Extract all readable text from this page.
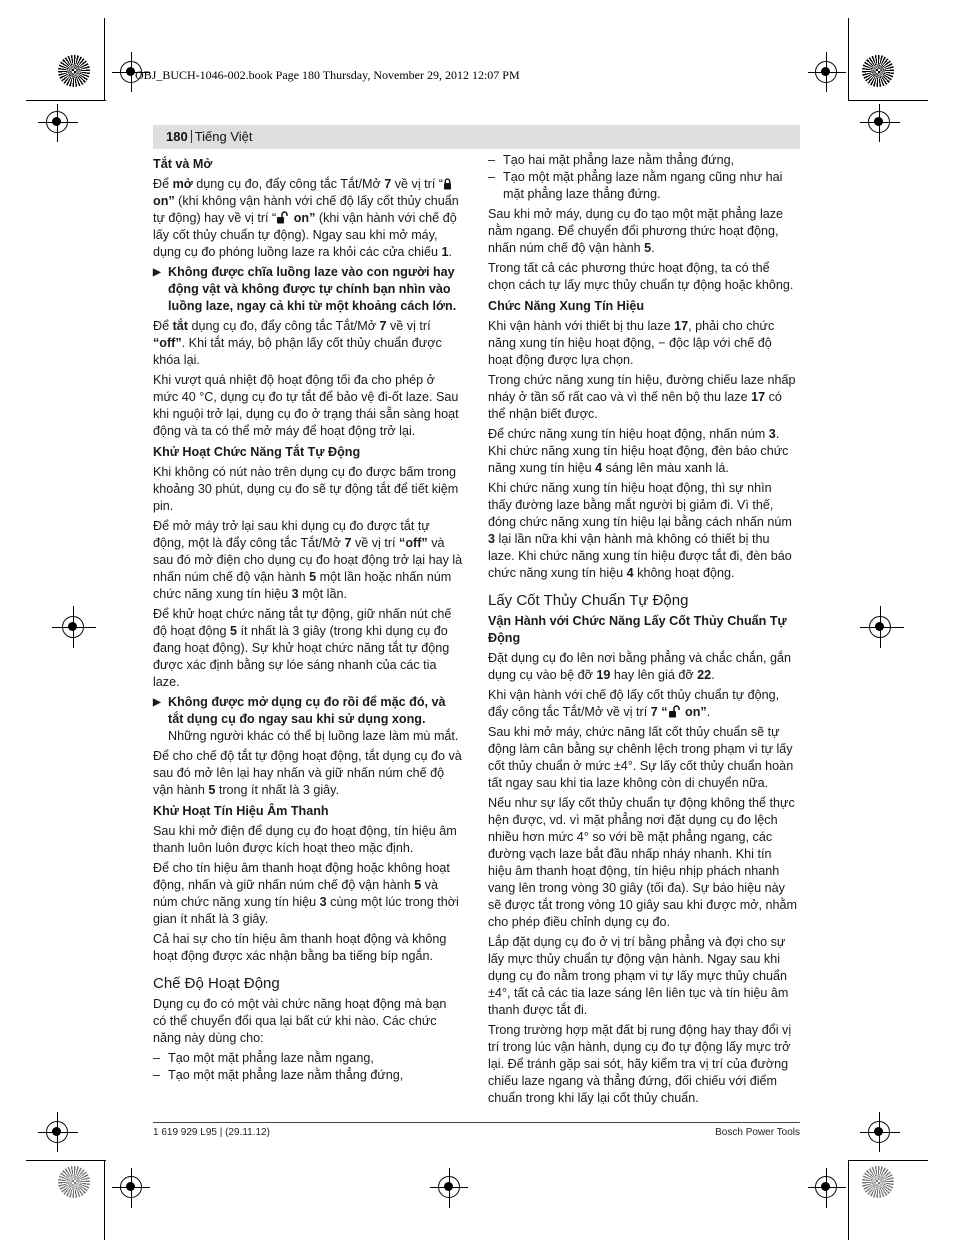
OBJ_BUCH-1046-002.book Page 180 Thursday, November 29, 2012 12:07 PM
180 Tiếng Việt
Tắt và Mở

Để mở dụng cụ đo, đẩy công tắc Tắt/Mở 7 về vị trí “ on” (khi không vận hành với chế độ lấy cốt thủy chuẩn tự động) hay về vị trí “ on” (khi vận hành với chế độ lấy cốt thủy chuẩn tự động). Ngay sau khi mở máy, dụng cụ đo phóng luồng laze ra khỏi các cửa chiếu 1.

▶ Không được chĩa luồng laze vào con người hay động vật và không được tự chính bạn nhìn vào luồng laze, ngay cả khi từ một khoảng cách lớn.

Để tắt dụng cụ đo, đẩy công tắc Tắt/Mở 7 về vị trí “off”. Khi tắt máy, bộ phận lấy cốt thủy chuẩn được khóa lại.

Khi vượt quá nhiệt độ hoạt động tối đa cho phép ở mức 40 °C, dụng cụ đo tự tắt để bảo vệ đi-ốt laze. Sau khi nguội trở lại, dụng cụ đo ở trạng thái sẵn sàng hoạt động và ta có thể mở máy để hoạt động trở lại.

Khử Hoạt Chức Năng Tắt Tự Động

Khi không có nút nào trên dụng cụ đo được bấm trong khoảng 30 phút, dụng cụ đo sẽ tự động tắt để tiết kiệm pin.

Để mở máy trở lại sau khi dụng cụ đo được tắt tự động, một là đẩy công tắc Tắt/Mở 7 về vị trí “off” và sau đó mở điện cho dụng cụ đo hoạt động trở lại hay là nhấn núm chế độ vận hành 5 một lần hoặc nhấn núm chức năng xung tín hiệu 3 một lần.

Để khử hoạt chức năng tắt tự động, giữ nhấn nút chế độ hoạt động 5 ít nhất là 3 giây (trong khi dụng cụ đo đang hoạt động). Sự khử hoạt chức năng tắt tự động được xác định bằng sự lóe sáng nhanh của các tia laze.

▶ Không được mở dụng cụ đo rồi để mặc đó, và tắt dụng cụ đo ngay sau khi sử dụng xong.
Những người khác có thể bị luồng laze làm mù mắt.

Để cho chế độ tắt tự động hoạt động, tắt dụng cụ đo và sau đó mở lên lại hay nhấn và giữ nhấn núm chế độ vận hành 5 trong ít nhất là 3 giây.

Khử Hoạt Tín Hiệu Âm Thanh

Sau khi mở điện để dụng cụ đo hoạt động, tín hiệu âm thanh luôn luôn được kích hoạt theo mặc định.

Để cho tín hiệu âm thanh hoạt động hoặc không hoạt động, nhấn và giữ nhấn núm chế độ vận hành 5 và núm chức năng xung tín hiệu 3 cùng một lúc trong thời gian ít nhất là 3 giây.

Cả hai sự cho tín hiệu âm thanh hoạt động và không hoạt động được xác nhận bằng ba tiếng bíp ngắn.

Chế Độ Hoạt Động

Dụng cụ đo có một vài chức năng hoạt động mà bạn có thể chuyển đổi qua lại bất cứ khi nào. Các chức năng này dùng cho:

– Tạo một mặt phẳng laze nằm ngang,
– Tạo một mặt phẳng laze nằm thẳng đứng,
– Tạo hai mặt phẳng laze nằm thẳng đứng,
– Tạo một mặt phẳng laze nằm ngang cũng như hai mặt phẳng laze thẳng đứng.

Sau khi mở máy, dụng cụ đo tạo một mặt phẳng laze nằm ngang. Để chuyển đổi phương thức hoạt động, nhấn núm chế độ vận hành 5.

Trong tất cả các phương thức hoạt động, ta có thể chọn cách tự lấy mực thủy chuẩn tự động hoặc không.

Chức Năng Xung Tín Hiệu

Khi vận hành với thiết bị thu laze 17, phải cho chức năng xung tín hiệu hoạt động, − độc lập với chế độ hoạt động được lựa chọn.

Trong chức năng xung tín hiệu, đường chiếu laze nhấp nháy ở tần số rất cao và vì thế nên bộ thu laze 17 có thể nhận biết được.

Để chức năng xung tín hiệu hoạt động, nhấn núm 3. Khi chức năng xung tín hiệu hoạt động, đèn báo chức năng xung tín hiệu 4 sáng lên màu xanh lá.

Khi chức năng xung tín hiệu hoạt động, thì sự nhìn thấy đường laze bằng mắt người bị giảm đi. Vì thế, đóng chức năng xung tín hiệu lại bằng cách nhấn núm 3 lại lần nữa khi vận hành mà không có thiết bị thu laze. Khi chức năng xung tín hiệu được tắt đi, đèn báo chức năng xung tín hiệu 4 không hoạt động.

Lấy Cốt Thủy Chuẩn Tự Động
Vận Hành với Chức Năng Lấy Cốt Thủy Chuẩn Tự Động

Đặt dụng cụ đo lên nơi bằng phẳng và chắc chắn, gắn dụng cụ vào bệ đỡ 19 hay lên giá đỡ 22.

Khi vận hành với chế độ lấy cốt thủy chuẩn tự động, đẩy công tắc Tắt/Mở về vị trí 7 “ on”.

Sau khi mở máy, chức năng lất cốt thủy chuẩn sẽ tự động làm cân bằng sự chênh lệch trong phạm vi tự lấy cốt thủy chuẩn ở mức ±4°. Sự lấy cốt thủy chuẩn hoàn tất ngay sau khi tia laze không còn di chuyển nữa.

Nếu như sự lấy cốt thủy chuẩn tự động không thể thực hện được, vd. vì mặt phẳng nơi đặt dụng cụ đo lệch nhiều hơn mức 4° so với bề mặt phẳng ngang, các đường vạch laze bắt đầu nhấp nháy nhanh. Khi tín hiệu âm thanh hoạt động, tín hiệu nhịp phách nhanh vang lên trong vòng 30 giây (tối đa). Sự báo hiệu này sẽ được tắt trong vòng 10 giây sau khi được mở, nhằm cho phép điều chỉnh dụng cụ đo.

Lắp đặt dụng cụ đo ở vị trí bằng phẳng và đợi cho sự lấy mực thủy chuẩn tự động vận hành. Ngay sau khi dụng cụ đo nằm trong phạm vi tự lấy mực thủy chuẩn ±4°, tất cả các tia laze sáng lên liên tục và tín hiệu âm thanh được tắt đi.

Trong trường hợp mặt đất bị rung động hay thay đổi vị trí trong lúc vận hành, dụng cụ đo tự động lấy mực trở lại. Để tránh gặp sai sót, hãy kiểm tra vị trí của đường chiếu laze ngang và thẳng đứng, đối chiếu với điểm chuẩn trong khi lấy lại cốt thủy chuẩn.

1 619 929 L95 | (29.11.12)	Bosch Power Tools
